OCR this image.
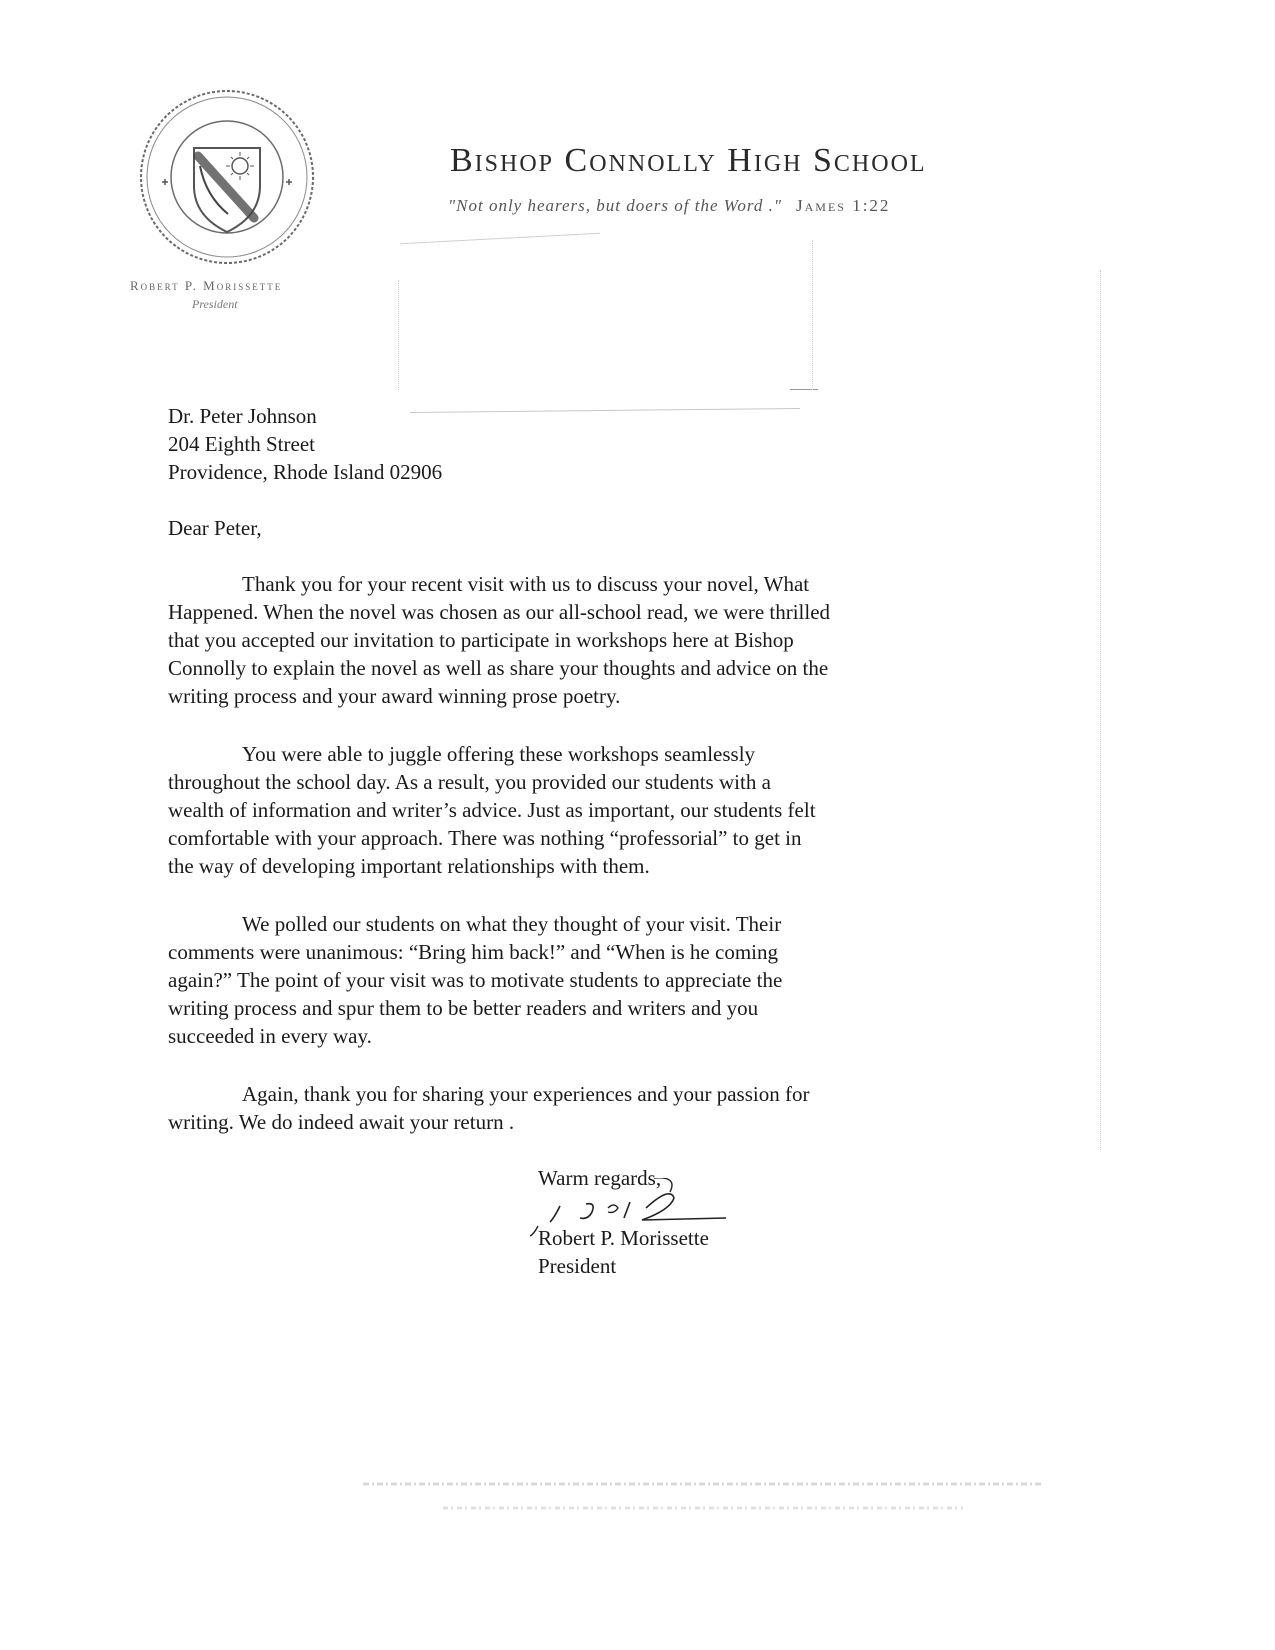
Bishop Connolly High School
"Not only hearers, but doers of the Word ." James 1:22
Robert P. Morissette
President
Dr. Peter Johnson
204 Eighth Street
Providence, Rhode Island 02906
Dear Peter,
Thank you for your recent visit with us to discuss your novel, What
Happened. When the novel was chosen as our all-school read, we were thrilled
that you accepted our invitation to participate in workshops here at Bishop
Connolly to explain the novel as well as share your thoughts and advice on the
writing process and your award winning prose poetry.
You were able to juggle offering these workshops seamlessly
throughout the school day. As a result, you provided our students with a
wealth of information and writer’s advice. Just as important, our students felt
comfortable with your approach. There was nothing “professorial” to get in
the way of developing important relationships with them.
We polled our students on what they thought of your visit. Their
comments were unanimous: “Bring him back!” and “When is he coming
again?” The point of your visit was to motivate students to appreciate the
writing process and spur them to be better readers and writers and you
succeeded in every way.
Again, thank you for sharing your experiences and your passion for
writing. We do indeed await your return .
Warm regards,
Robert P. Morissette
President
